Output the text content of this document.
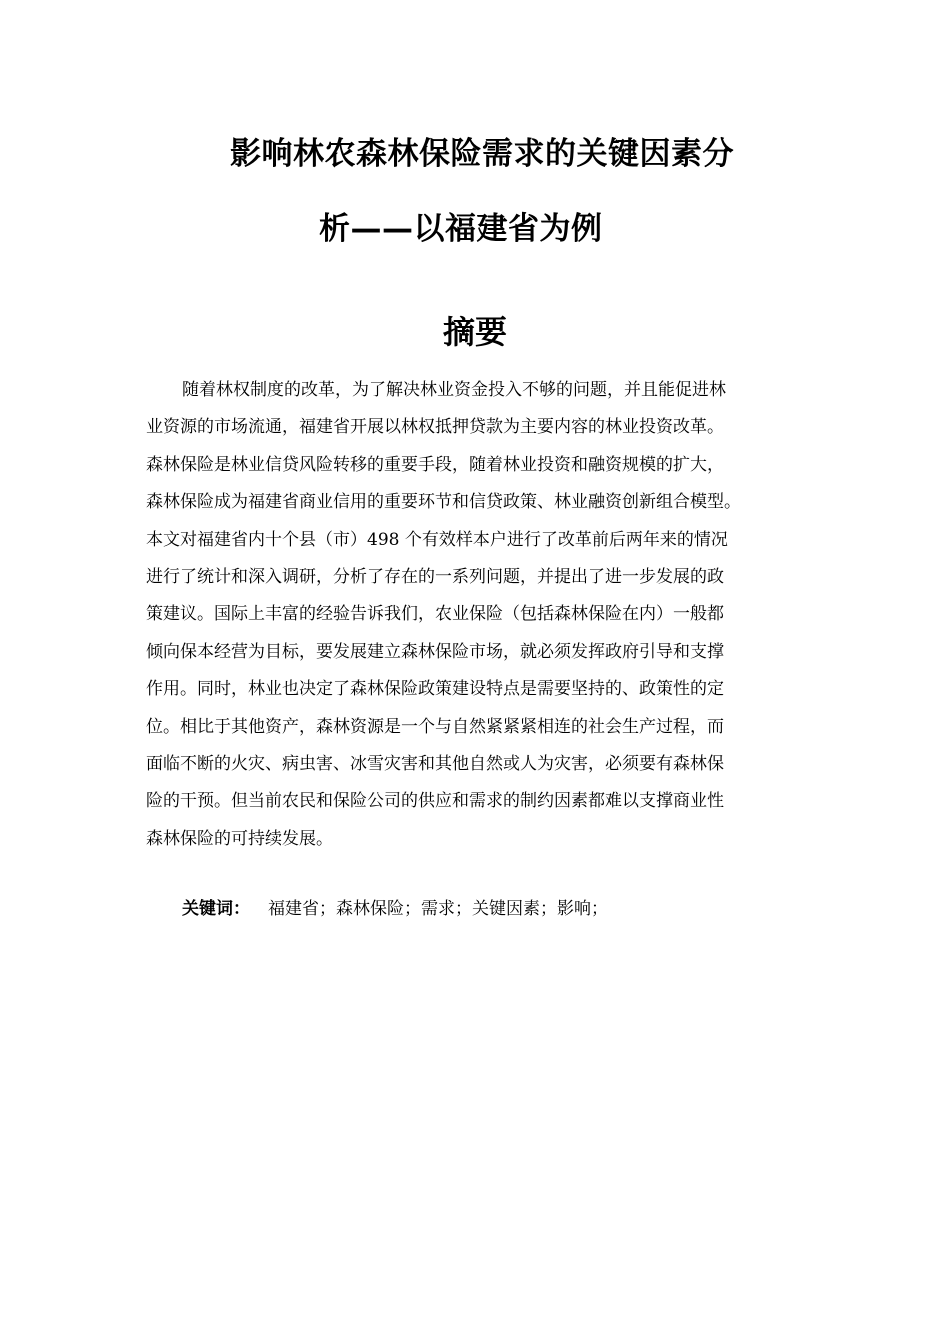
影响林农森林保险需求的关键因素分
析——以福建省为例
摘要
随着林权制度的改革，为了解决林业资金投入不够的问题，并且能促进林
业资源的市场流通，福建省开展以林权抵押贷款为主要内容的林业投资改革。
森林保险是林业信贷风险转移的重要手段，随着林业投资和融资规模的扩大，
森林保险成为福建省商业信用的重要环节和信贷政策、林业融资创新组合模型。
本文对福建省内十个县（市）498 个有效样本户进行了改革前后两年来的情况
进行了统计和深入调研，分析了存在的一系列问题，并提出了进一步发展的政
策建议。国际上丰富的经验告诉我们，农业保险（包括森林保险在内）一般都
倾向保本经营为目标，要发展建立森林保险市场，就必须发挥政府引导和支撑
作用。同时，林业也决定了森林保险政策建设特点是需要坚持的、政策性的定
位。相比于其他资产，森林资源是一个与自然紧紧紧相连的社会生产过程，而
面临不断的火灾、病虫害、冰雪灾害和其他自然或人为灾害，必须要有森林保
险的干预。但当前农民和保险公司的供应和需求的制约因素都难以支撑商业性
森林保险的可持续发展。

关键词： 福建省；森林保险；需求；关键因素；影响；
